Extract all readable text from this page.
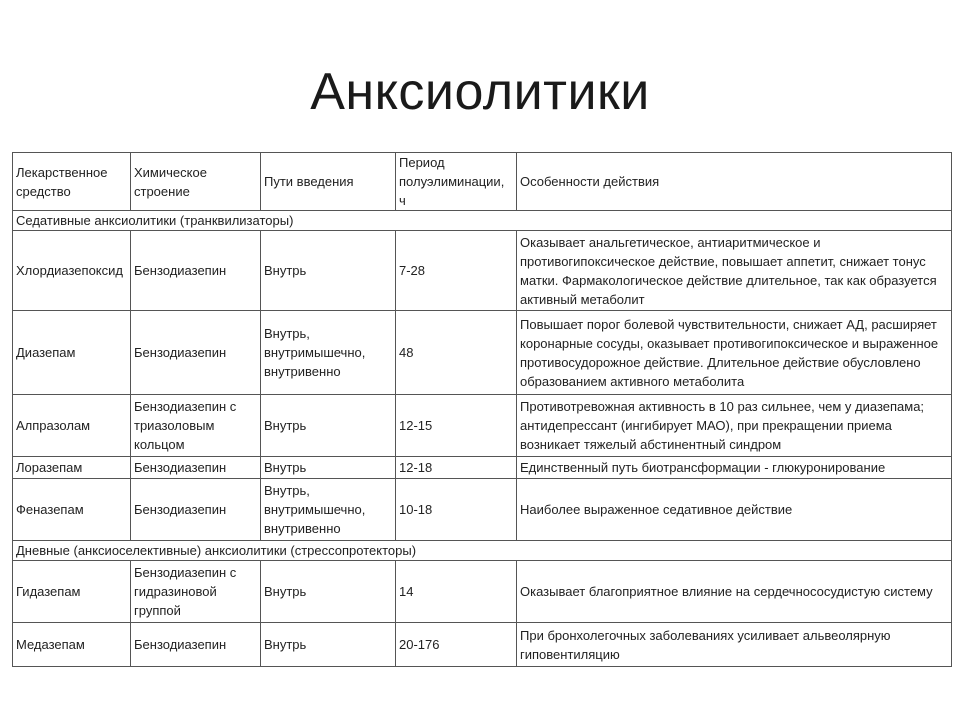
Анксиолитики
Лекарственное средство	Химическое строение	Пути введения	Период полуэлиминации, ч	Особенности действия
Седативные анксиолитики (транквилизаторы)				
Хлордиазепоксид	Бензодиазепин	Внутрь	7-28	Оказывает анальгетическое, антиаритмическое и противогипоксическое действие, повышает аппетит, снижает тонус матки. Фармакологическое действие длительное, так как образуется активный метаболит
Диазепам	Бензодиазепин	Внутрь, внутримышечно, внутривенно	48	Повышает порог болевой чувствительности, снижает АД, расширяет коронарные сосуды, оказывает противогипоксическое и выраженное противосудорожное действие. Длительное действие обусловлено образованием активного метаболита
Алпразолам	Бензодиазепин с триазоловым кольцом	Внутрь	12-15	Противотревожная активность в 10 раз сильнее, чем у диазепама; антидепрессант (ингибирует МАО), при прекращении приема возникает тяжелый абстинентный синдром
Лоразепам	Бензодиазепин	Внутрь	12-18	Единственный путь биотрансформации - глюкуронирование
Феназепам	Бензодиазепин	Внутрь, внутримышечно, внутривенно	10-18	Наиболее выраженное седативное действие
Дневные (анксиоселективные) анксиолитики (стрессопротекторы)				
Гидазепам	Бензодиазепин с гидразиновой группой	Внутрь	14	Оказывает благоприятное влияние на сердечнососудистую систему
Медазепам	Бензодиазепин	Внутрь	20-176	При бронхолегочных заболеваниях усиливает альвеолярную гиповентиляцию
